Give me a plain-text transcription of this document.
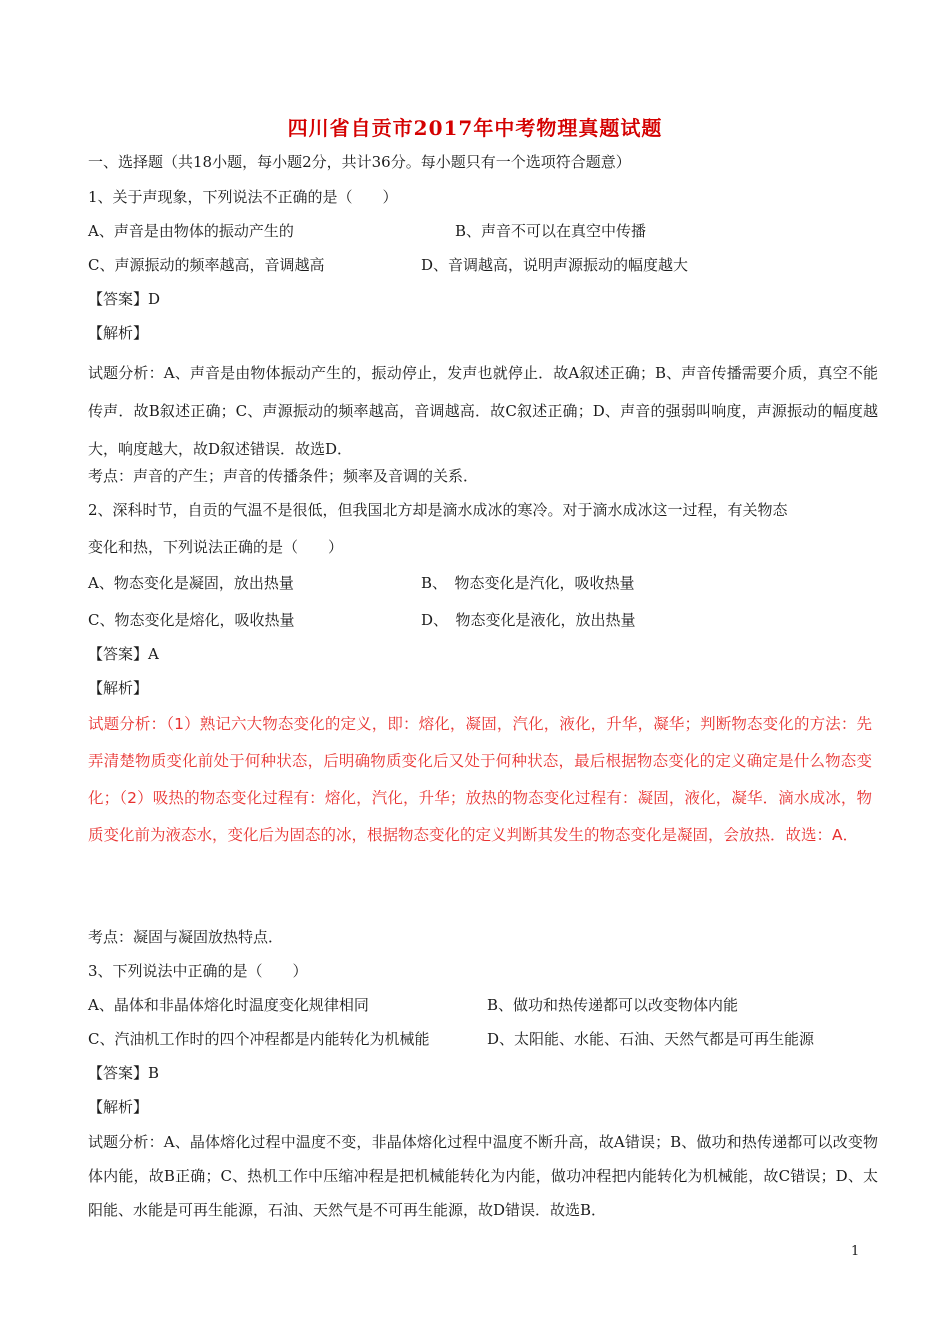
四川省自贡市2017年中考物理真题试题
一、选择题（共18小题，每小题2分，共计36分。每小题只有一个选项符合题意）
1、关于声现象，下列说法不正确的是（　　）
A、声音是由物体的振动产生的	B、声音不可以在真空中传播
C、声源振动的频率越高，音调越高	D、音调越高，说明声源振动的幅度越大
【答案】D
【解析】
试题分析：A、声音是由物体振动产生的，振动停止，发声也就停止．故A叙述正确；B、声音传播需要介质，真空不能传声．故B叙述正确；C、声源振动的频率越高，音调越高．故C叙述正确；D、声音的强弱叫响度，声源振动的幅度越大，响度越大，故D叙述错误．故选D．
考点：声音的产生；声音的传播条件；频率及音调的关系．
2、深科时节，自贡的气温不是很低，但我国北方却是滴水成冰的寒冷。对于滴水成冰这一过程，有关物态
变化和热，下列说法正确的是（　　）
A、物态变化是凝固，放出热量	B、　物态变化是汽化，吸收热量
C、物态变化是熔化，吸收热量	D、　物态变化是液化，放出热量
【答案】A
【解析】
试题分析：（1）熟记六大物态变化的定义，即：熔化，凝固，汽化，液化，升华，凝华；判断物态变化的方法：先弄清楚物质变化前处于何种状态，后明确物质变化后又处于何种状态，最后根据物态变化的定义确定是什么物态变化；（2）吸热的物态变化过程有：熔化，汽化，升华；放热的物态变化过程有：凝固，液化，凝华．滴水成冰，物质变化前为液态水，变化后为固态的冰，根据物态变化的定义判断其发生的物态变化是凝固，会放热．故选：A．
考点：凝固与凝固放热特点．
3、下列说法中正确的是（　　）
A、晶体和非晶体熔化时温度变化规律相同	B、做功和热传递都可以改变物体内能
C、汽油机工作时的四个冲程都是内能转化为机械能	D、太阳能、水能、石油、天然气都是可再生能源
【答案】B
【解析】
试题分析：A、晶体熔化过程中温度不变，非晶体熔化过程中温度不断升高，故A错误；B、做功和热传递都可以改变物体内能，故B正确；C、热机工作中压缩冲程是把机械能转化为内能，做功冲程把内能转化为机械能，故C错误；D、太阳能、水能是可再生能源，石油、天然气是不可再生能源，故D错误．故选B．
1
